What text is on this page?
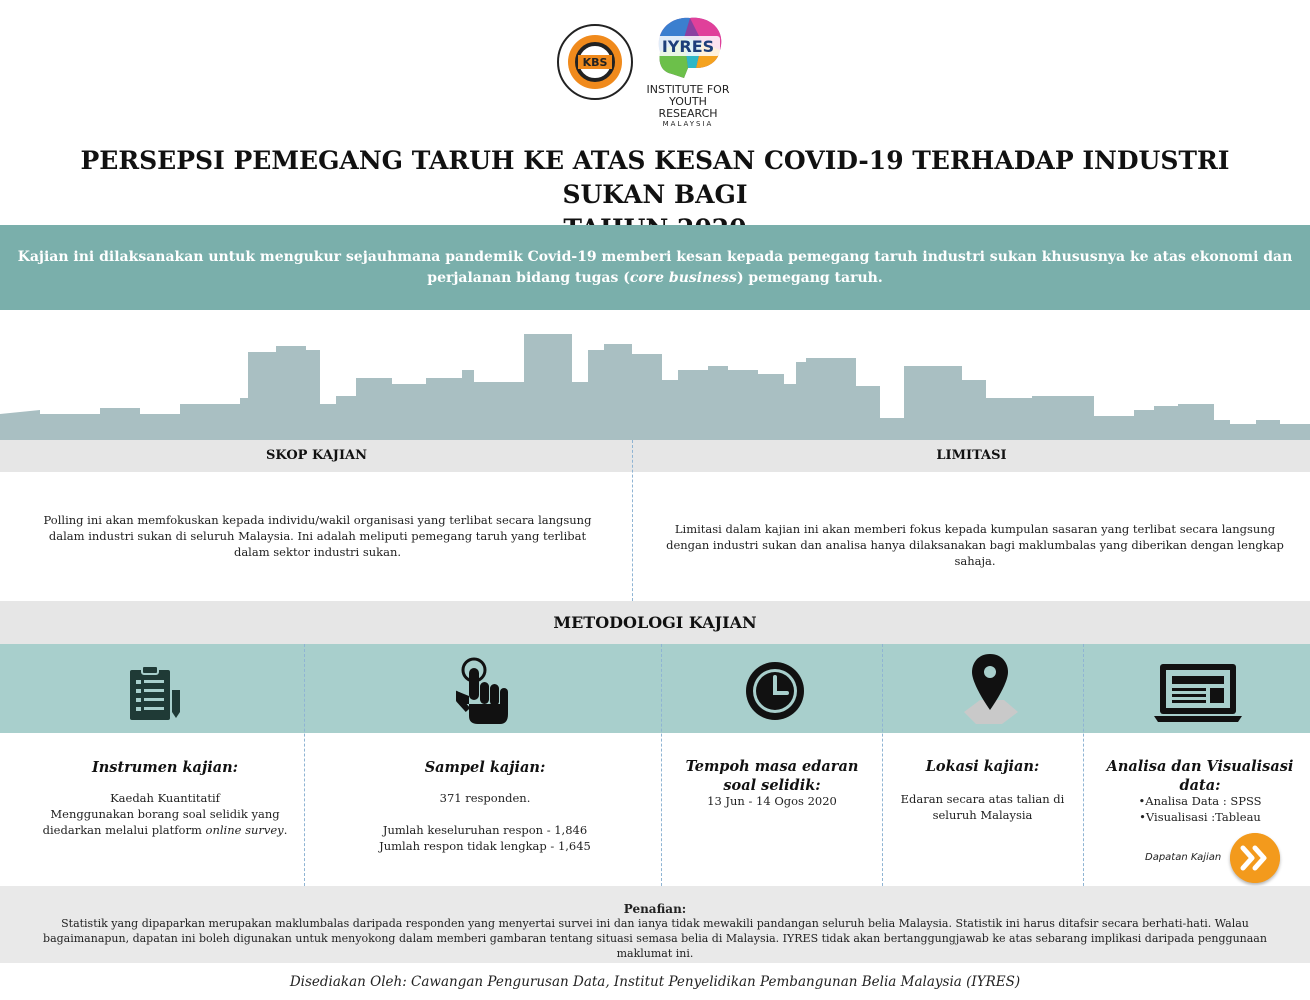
KBS
IYRES
INSTITUTE FOR
YOUTH RESEARCH
MALAYSIA
PERSEPSI PEMEGANG TARUH KE ATAS KESAN COVID-19 TERHADAP INDUSTRI SUKAN BAGI

Kajian ini dilaksanakan untuk mengukur sejauhmana pandemik Covid-19 memberi kesan kepada pemegang taruh industri sukan khususnya ke atas ekonomi dan perjalanan bidang tugas (core business) pemegang taruh.
SKOP KAJIAN	LIMITASI

Polling ini akan memfokuskan kepada individu/wakil organisasi yang terlibat secara langsung dalam industri sukan di seluruh Malaysia. Ini adalah meliputi pemegang taruh yang terlibat dalam sektor industri sukan.

Limitasi dalam kajian ini akan memberi fokus kepada kumpulan sasaran yang terlibat secara langsung dengan industri sukan dan analisa hanya dilaksanakan bagi maklumbalas yang diberikan dengan lengkap sahaja.

METODOLOGI KAJIAN
Instrumen kajian:
Kaedah Kuantitatif
Menggunakan borang soal selidik yang diedarkan melalui platform online survey.
Sampel kajian:
371 responden.

Jumlah keseluruhan respon - 1,846
Jumlah respon tidak lengkap - 1,645
Tempoh masa edaran soal selidik:
13 Jun - 14 Ogos 2020
Lokasi kajian:
Edaran secara atas talian di seluruh Malaysia
Analisa dan Visualisasi data:
•Analisa Data : SPSS
•Visualisasi :Tableau
Dapatan Kajian
Penafian:
Statistik yang dipaparkan merupakan maklumbalas daripada responden yang menyertai survei ini dan ianya tidak mewakili pandangan seluruh belia Malaysia. Statistik ini harus ditafsir secara berhati-hati. Walau bagaimanapun, dapatan ini boleh digunakan untuk menyokong dalam memberi gambaran tentang situasi semasa belia di Malaysia. IYRES tidak akan bertanggungjawab ke atas sebarang implikasi daripada penggunaan maklumat ini.
Disediakan Oleh: Cawangan Pengurusan Data, Institut Penyelidikan Pembangunan Belia Malaysia (IYRES)
